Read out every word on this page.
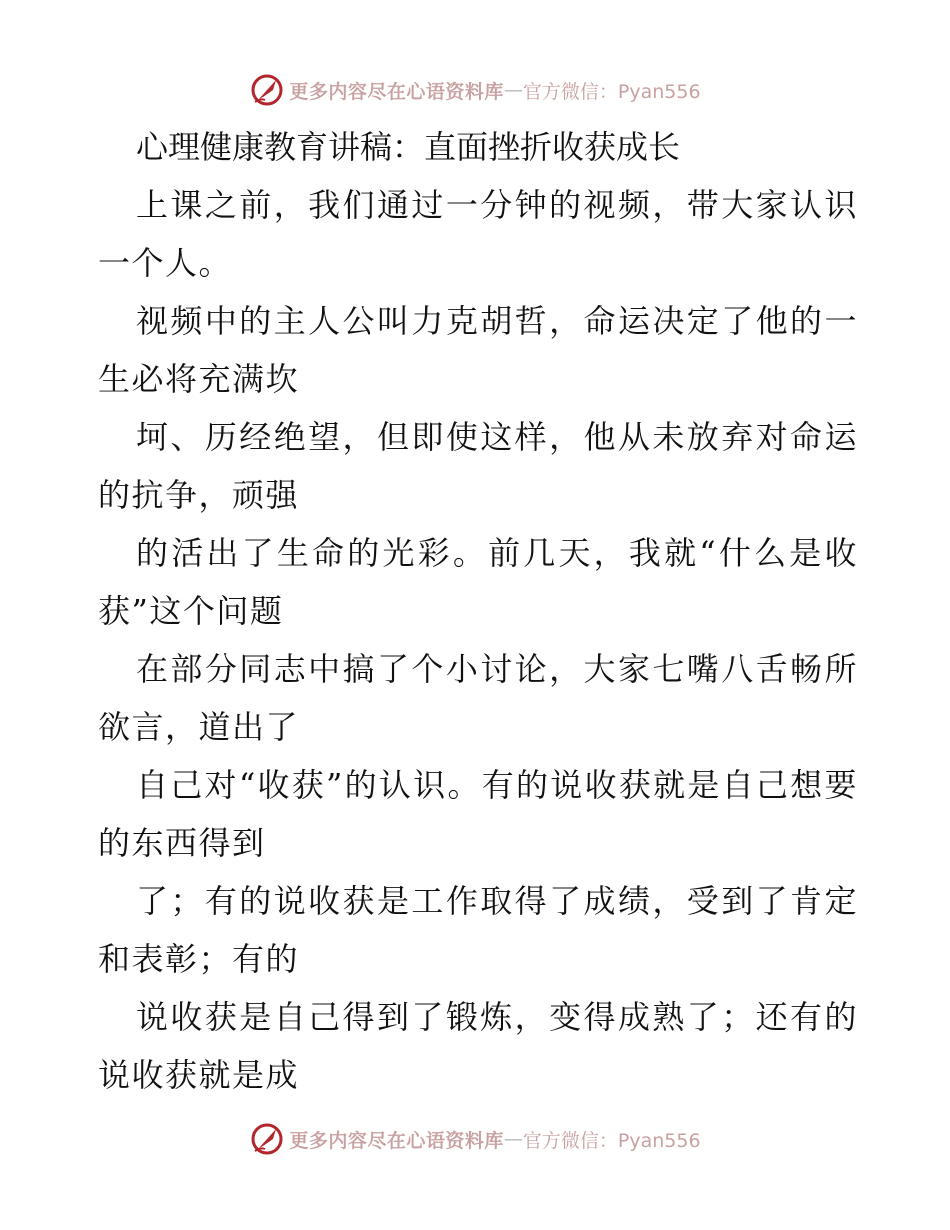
更多内容尽在心语资料库 — 官方微信：Pyan556
心理健康教育讲稿：直面挫折收获成长

上课之前，我们通过一分钟的视频，带大家认识一个人。

视频中的主人公叫力克胡哲，命运决定了他的一生必将充满坎

坷、历经绝望，但即使这样，他从未放弃对命运的抗争，顽强

的活出了生命的光彩。前几天，我就“什么是收获”这个问题

在部分同志中搞了个小讨论，大家七嘴八舌畅所欲言，道出了

自己对“收获”的认识。有的说收获就是自己想要的东西得到

了；有的说收获是工作取得了成绩，受到了肯定和表彰；有的

说收获是自己得到了锻炼，变得成熟了；还有的说收获就是成

更多内容尽在心语资料库 — 官方微信：Pyan556
